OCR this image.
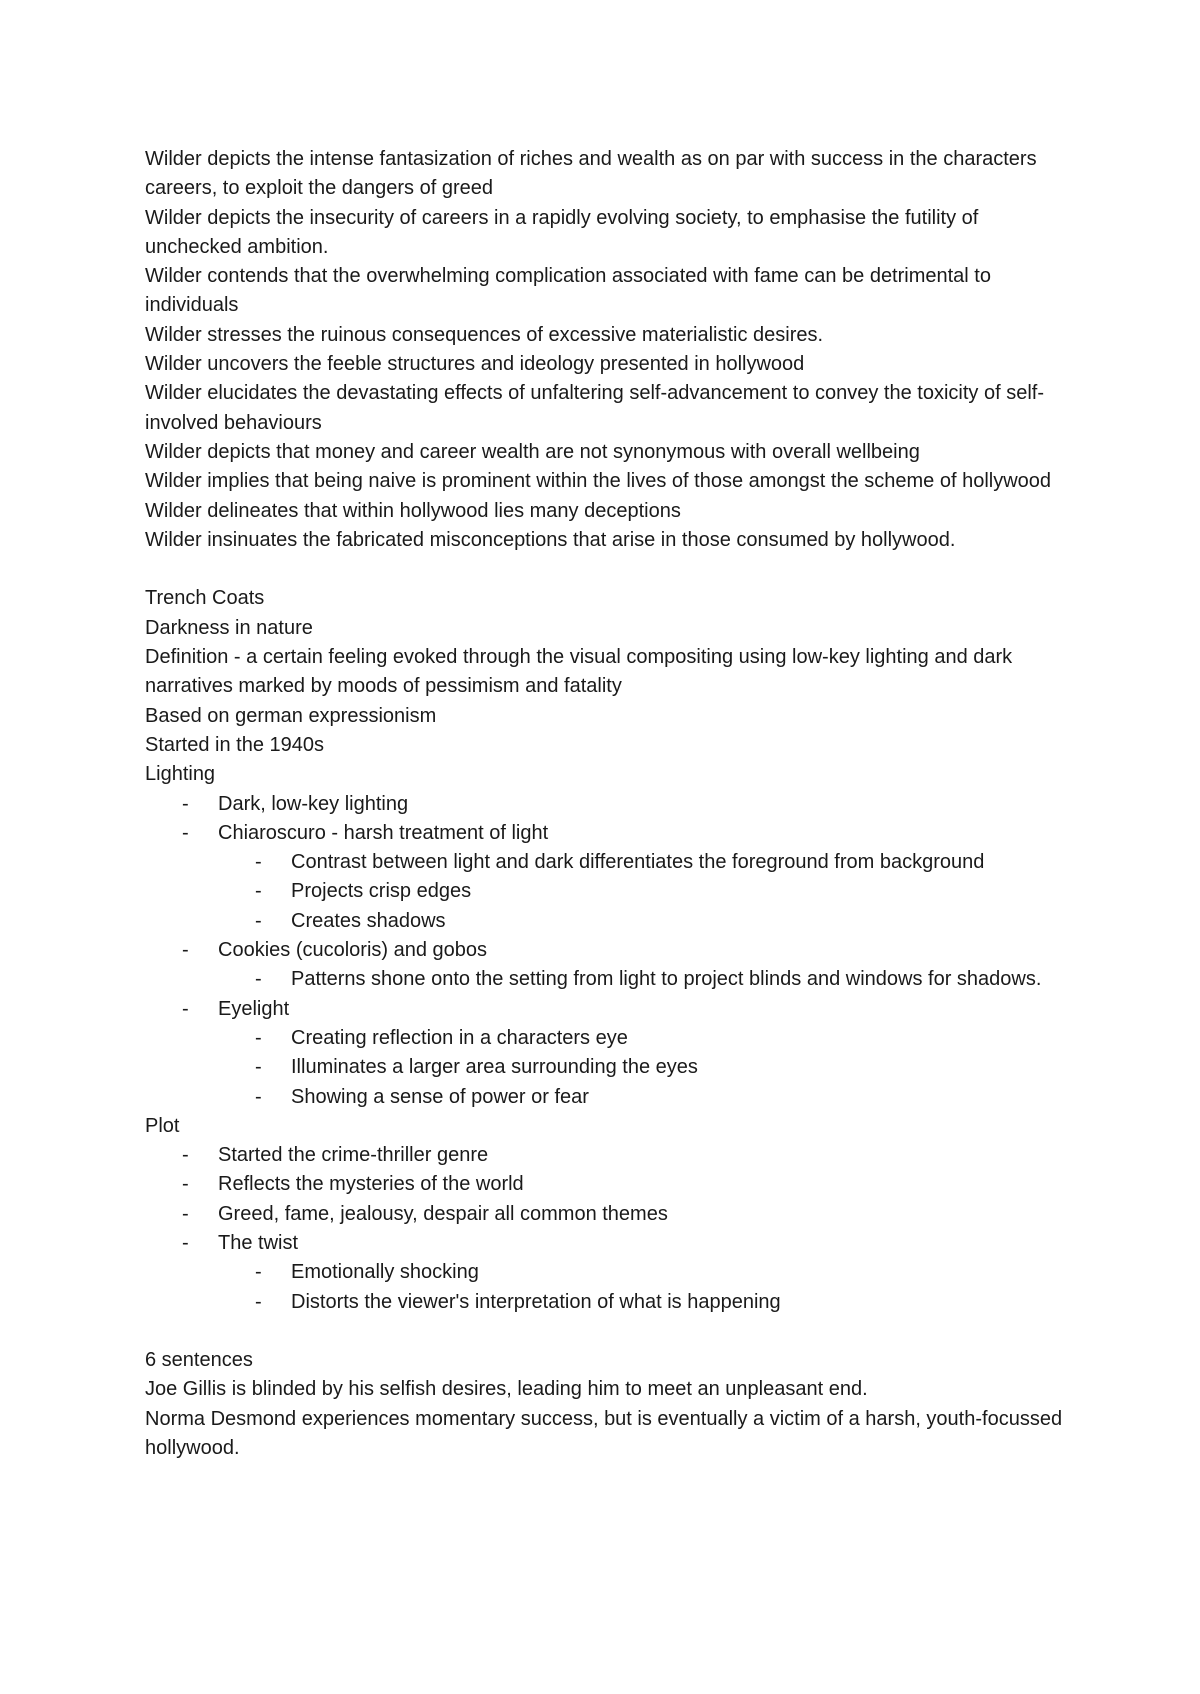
Wilder depicts the intense fantasization of riches and wealth as on par with success in the characters careers, to exploit the dangers of greed

Wilder depicts the insecurity of careers in a rapidly evolving society, to emphasise the futility of unchecked ambition.

Wilder contends that the overwhelming complication associated with fame can be detrimental to individuals

Wilder stresses the ruinous consequences of excessive materialistic desires.

Wilder uncovers the feeble structures and ideology presented in hollywood

Wilder elucidates the devastating effects of unfaltering self-advancement to convey the toxicity of self-involved behaviours

Wilder depicts that money and career wealth are not synonymous with overall wellbeing

Wilder implies that being naive is prominent within the lives of those amongst the scheme of hollywood

Wilder delineates that within hollywood lies many deceptions

Wilder insinuates the fabricated misconceptions that arise in those consumed by hollywood.

Trench Coats

Darkness in nature

Definition - a certain feeling evoked through the visual compositing using low-key lighting and dark narratives marked by moods of pessimism and fatality

Based on german expressionism

Started in the 1940s

Lighting

- Dark, low-key lighting
- Chiaroscuro - harsh treatment of light
- Contrast between light and dark differentiates the foreground from background
- Projects crisp edges
- Creates shadows
- Cookies (cucoloris) and gobos
- Patterns shone onto the setting from light to project blinds and windows for shadows.
- Eyelight
- Creating reflection in a characters eye
- Illuminates a larger area surrounding the eyes
- Showing a sense of power or fear

Plot

- Started the crime-thriller genre
- Reflects the mysteries of the world
- Greed, fame, jealousy, despair all common themes
- The twist
- Emotionally shocking
- Distorts the viewer's interpretation of what is happening

6 sentences

Joe Gillis is blinded by his selfish desires, leading him to meet an unpleasant end.

Norma Desmond experiences momentary success, but is eventually a victim of a harsh, youth-focussed hollywood.
